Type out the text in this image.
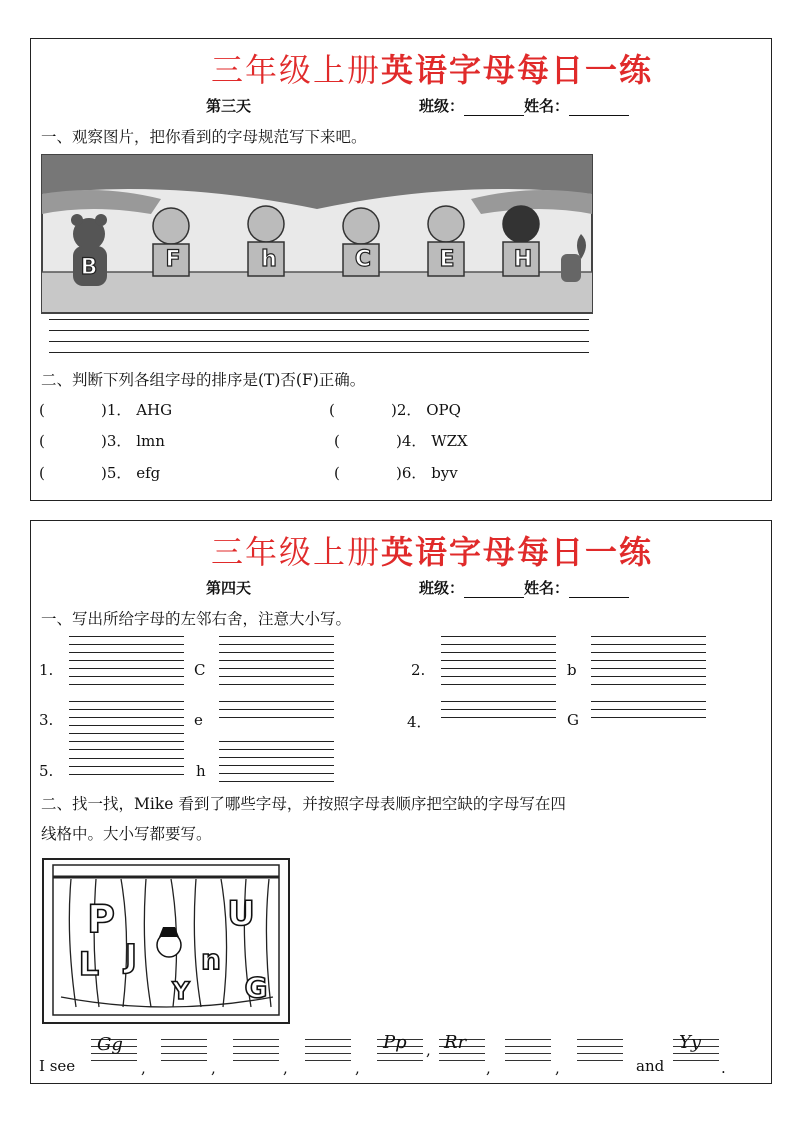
三年级上册英语字母每日一练
第三天	班级：	姓名：
一、观察图片，把你看到的字母规范写下来吧。
B	F	h	C	E	H
二、判断下列各组字母的排序是(T)否(F)正确。
(	)1． AHG	(	)2． OPQ
(	)3． lmn	(	)4． WZX
(	)5． efg	(	)6． byv
三年级上册英语字母每日一练
第四天	班级：	姓名：
一、写出所给字母的左邻右舍，注意大小写。
1.	C	2.	b
3.	e	4．	G
5.	h
二、找一找，Mike 看到了哪些字母，并按照字母表顺序把空缺的字母写在四
线格中。大小写都要写。
P	U
L J n
G
Y
I see
Gg
,	,	,	,
Pp , Rr
,	,	and
Yy
.
